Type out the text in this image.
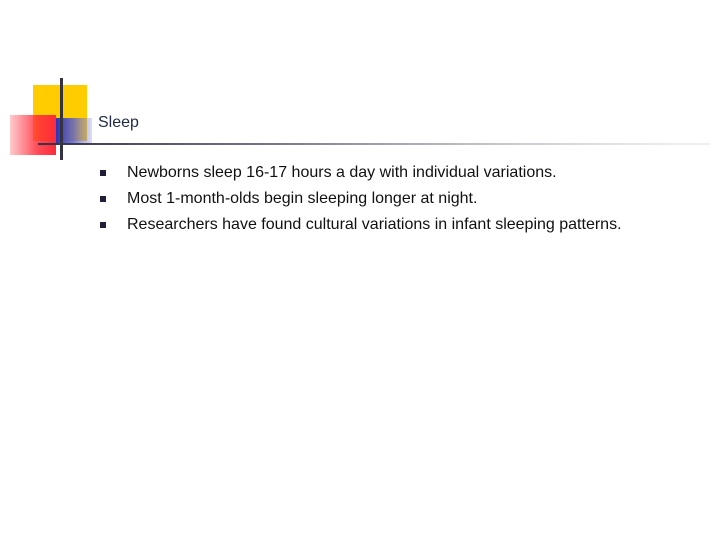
Sleep
Newborns sleep 16-17 hours a day with individual variations.
Most 1-month-olds begin sleeping longer at night.
Researchers have found cultural variations in infant sleeping patterns.
